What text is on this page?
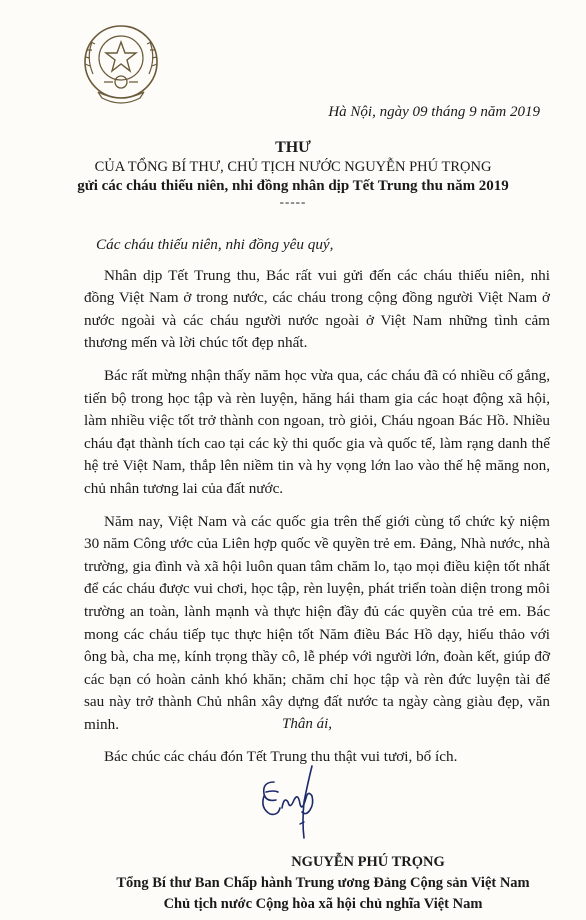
Hà Nội, ngày 09 tháng 9 năm 2019
THƯ
CỦA TỔNG BÍ THƯ, CHỦ TỊCH NƯỚC NGUYỄN PHÚ TRỌNG
gửi các cháu thiếu niên, nhi đồng nhân dịp Tết Trung thu năm 2019
-----

Các cháu thiếu niên, nhi đồng yêu quý,

Nhân dịp Tết Trung thu, Bác rất vui gửi đến các cháu thiếu niên, nhi đồng Việt Nam ở trong nước, các cháu trong cộng đồng người Việt Nam ở nước ngoài và các cháu người nước ngoài ở Việt Nam những tình cảm thương mến và lời chúc tốt đẹp nhất.

Bác rất mừng nhận thấy năm học vừa qua, các cháu đã có nhiều cố gắng, tiến bộ trong học tập và rèn luyện, hăng hái tham gia các hoạt động xã hội, làm nhiều việc tốt trở thành con ngoan, trò giỏi, Cháu ngoan Bác Hồ. Nhiều cháu đạt thành tích cao tại các kỳ thi quốc gia và quốc tế, làm rạng danh thế hệ trẻ Việt Nam, thắp lên niềm tin và hy vọng lớn lao vào thế hệ măng non, chủ nhân tương lai của đất nước.

Năm nay, Việt Nam và các quốc gia trên thế giới cùng tổ chức kỷ niệm 30 năm Công ước của Liên hợp quốc về quyền trẻ em. Đảng, Nhà nước, nhà trường, gia đình và xã hội luôn quan tâm chăm lo, tạo mọi điều kiện tốt nhất để các cháu được vui chơi, học tập, rèn luyện, phát triển toàn diện trong môi trường an toàn, lành mạnh và thực hiện đầy đủ các quyền của trẻ em. Bác mong các cháu tiếp tục thực hiện tốt Năm điều Bác Hồ dạy, hiếu thảo với ông bà, cha mẹ, kính trọng thầy cô, lễ phép với người lớn, đoàn kết, giúp đỡ các bạn có hoàn cảnh khó khăn; chăm chỉ học tập và rèn đức luyện tài để sau này trở thành Chủ nhân xây dựng đất nước ta ngày càng giàu đẹp, văn minh.

Bác chúc các cháu đón Tết Trung thu thật vui tươi, bổ ích.

Thân ái,
NGUYỄN PHÚ TRỌNG
Tổng Bí thư Ban Chấp hành Trung ương Đảng Cộng sản Việt Nam
Chủ tịch nước Cộng hòa xã hội chủ nghĩa Việt Nam
